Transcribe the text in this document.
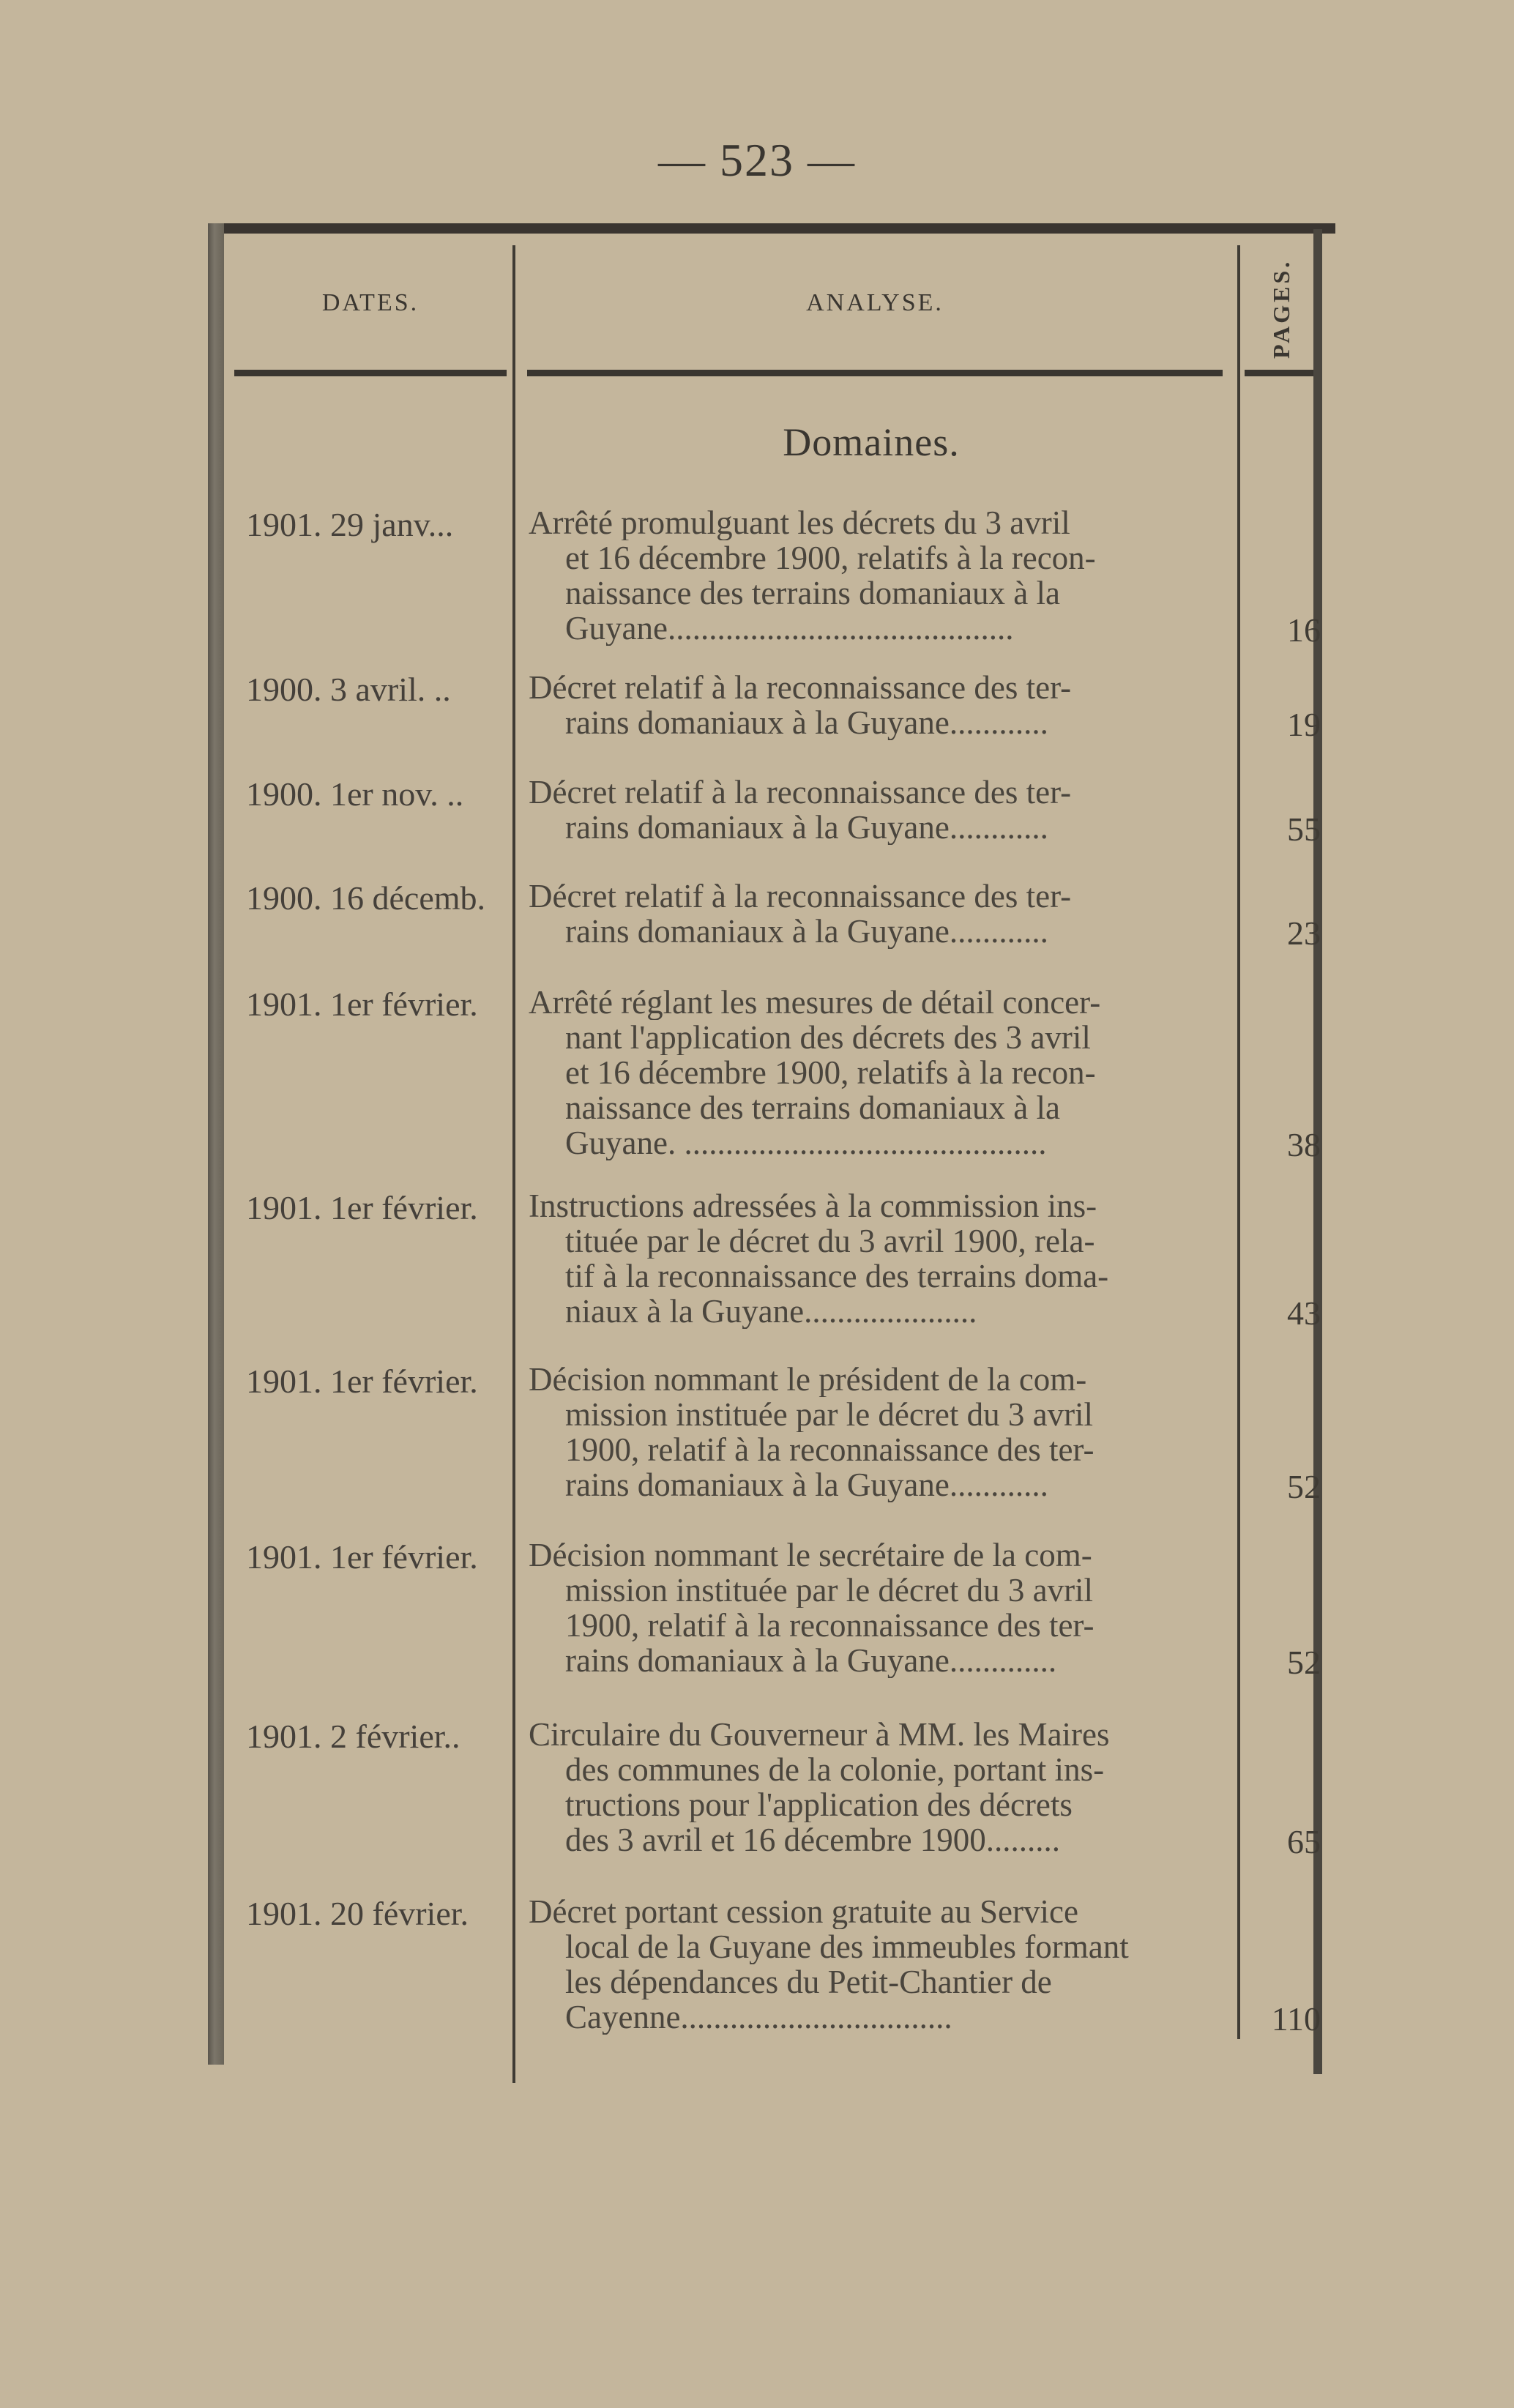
— 523 —
DATES.	ANALYSE.	PAGES.
Domaines.
1901. 29 janv... Arrêté promulguant les décrets du 3 avril
et 16 décembre 1900, relatifs à la recon-
naissance des terrains domaniaux à la
Guyane..........................................	16
1900. 3 avril. .. Décret relatif à la reconnaissance des ter-
rains domaniaux à la Guyane............	19
1900. 1er nov. .. Décret relatif à la reconnaissance des ter-
rains domaniaux à la Guyane............	55
1900. 16 décemb. Décret relatif à la reconnaissance des ter-
rains domaniaux à la Guyane............	23
1901. 1er février. Arrêté réglant les mesures de détail concer-
nant l'application des décrets des 3 avril
et 16 décembre 1900, relatifs à la recon-
naissance des terrains domaniaux à la
Guyane. ............................................	38
1901. 1er février. Instructions adressées à la commission ins-
tituée par le décret du 3 avril 1900, rela-
tif à la reconnaissance des terrains doma-
niaux à la Guyane.....................	43
1901. 1er février. Décision nommant le président de la com-
mission instituée par le décret du 3 avril
1900, relatif à la reconnaissance des ter-
rains domaniaux à la Guyane............	52
1901. 1er février. Décision nommant le secrétaire de la com-
mission instituée par le décret du 3 avril
1900, relatif à la reconnaissance des ter-
rains domaniaux à la Guyane.............	52
1901. 2 février.. Circulaire du Gouverneur à MM. les Maires
des communes de la colonie, portant ins-
tructions pour l'application des décrets
des 3 avril et 16 décembre 1900.........	65
1901. 20 février. Décret portant cession gratuite au Service
local de la Guyane des immeubles formant
les dépendances du Petit-Chantier de
Cayenne.................................	110
